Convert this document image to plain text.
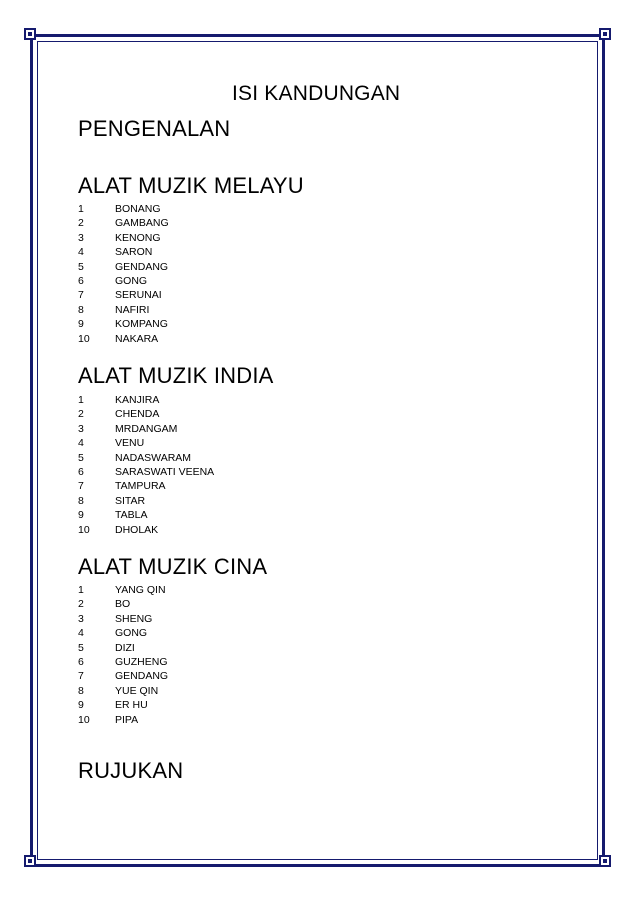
ISI KANDUNGAN
PENGENALAN
ALAT MUZIK MELAYU
1	BONANG
2	GAMBANG
3	KENONG
4	SARON
5	GENDANG
6	GONG
7	SERUNAI
8	NAFIRI
9	KOMPANG
10	NAKARA
ALAT MUZIK INDIA
1	KANJIRA
2	CHENDA
3	MRDANGAM
4	VENU
5	NADASWARAM
6	SARASWATI VEENA
7	TAMPURA
8	SITAR
9	TABLA
10	DHOLAK
ALAT MUZIK CINA
1	YANG QIN
2	BO
3	SHENG
4	GONG
5	DIZI
6	GUZHENG
7	GENDANG
8	YUE QIN
9	ER HU
10	PIPA
RUJUKAN
